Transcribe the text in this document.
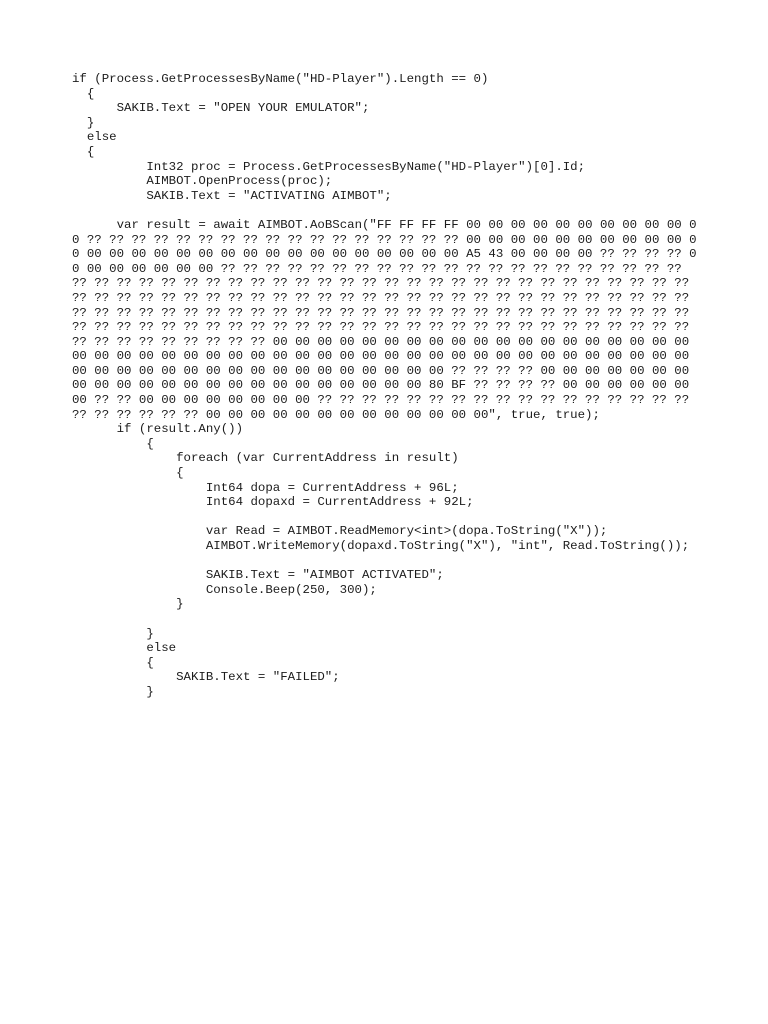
if (Process.GetProcessesByName("HD-Player").Length == 0)
{
SAKIB.Text = "OPEN YOUR EMULATOR";
}
else
{
Int32 proc = Process.GetProcessesByName("HD-Player")[0].Id;
AIMBOT.OpenProcess(proc);
SAKIB.Text = "ACTIVATING AIMBOT";
var result = await AIMBOT.AoBScan("FF FF FF FF 00 00 00 00 00 00 00 00 00 00 00 ?? ?? ?? ?? ?? ?? ?? ?? ?? ?? ?? ?? ?? ?? ?? ?? ?? 00 00 00 00 00 00 00 00 00 00 00 00 00 00 00 00 00 00 00 00 00 00 00 00 00 00 00 00 A5 43 00 00 00 00 ?? ?? ?? ?? 00 00 00 00 00 00 00 ?? ?? ?? ?? ?? ?? ?? ?? ?? ?? ?? ?? ?? ?? ?? ?? ?? ?? ?? ?? ?? ?? ?? ?? ?? ?? ?? ?? ?? ?? ?? ?? ?? ?? ?? ?? ?? ?? ?? ?? ?? ?? ?? ?? ?? ?? ?? ?? ?? ?? ?? ?? ?? ?? ?? ?? ?? ?? ?? ?? ?? ?? ?? ?? ?? ?? ?? ?? ?? ?? ?? ?? ?? ?? ?? ?? ?? ?? ?? ?? ?? ?? ?? ?? ?? ?? ?? ?? ?? ?? ?? ?? ?? ?? ?? ?? ?? ?? ?? ?? ?? ?? ?? ?? ?? ?? ?? ?? ?? ?? ?? ?? ?? ?? ?? ?? ?? ?? ?? ?? ?? ?? ?? ?? ?? ?? ?? ?? ?? ?? ?? ?? ?? ?? ?? ?? ?? ?? ?? ?? ?? ?? 00 00 00 00 00 00 00 00 00 00 00 00 00 00 00 00 00 00 00 00 00 00 00 00 00 00 00 00 00 00 00 00 00 00 00 00 00 00 00 00 00 00 00 00 00 00 00 00 00 00 00 00 00 00 00 00 00 00 00 00 00 00 00 00 ?? ?? ?? ?? 00 00 00 00 00 00 00 00 00 00 00 00 00 00 00 00 00 00 00 00 00 00 00 80 BF ?? ?? ?? ?? 00 00 00 00 00 00 00 ?? ?? 00 00 00 00 00 00 00 00 ?? ?? ?? ?? ?? ?? ?? ?? ?? ?? ?? ?? ?? ?? ?? ?? ?? ?? ?? ?? ?? ?? ?? 00 00 00 00 00 00 00 00 00 00 00 00 00", true, true);
if (result.Any())
{
foreach (var CurrentAddress in result)
{
Int64 dopa = CurrentAddress + 96L;
Int64 dopaxd = CurrentAddress + 92L;
var Read = AIMBOT.ReadMemory<int>(dopa.ToString("X"));
AIMBOT.WriteMemory(dopaxd.ToString("X"), "int", Read.ToString());
SAKIB.Text = "AIMBOT ACTIVATED";
Console.Beep(250, 300);
}
}
else
{
SAKIB.Text = "FAILED";
}
